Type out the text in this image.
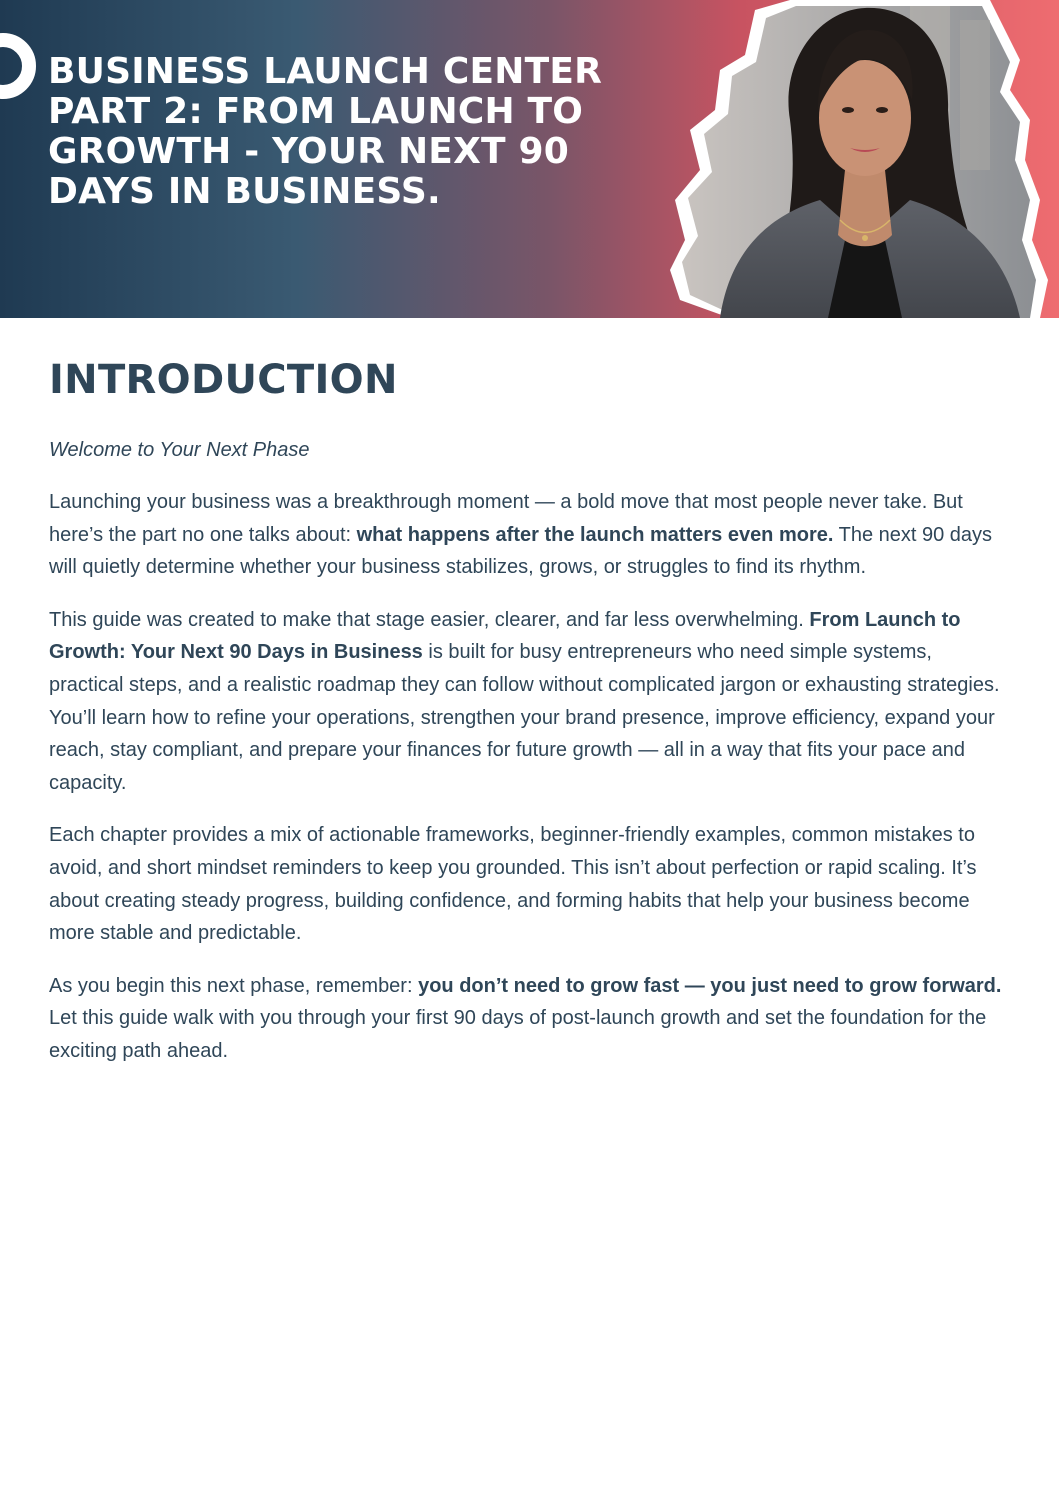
BUSINESS LAUNCH CENTER PART 2: FROM LAUNCH TO GROWTH - YOUR NEXT 90 DAYS IN BUSINESS.
INTRODUCTION
Welcome to Your Next Phase

Launching your business was a breakthrough moment — a bold move that most people never take. But here’s the part no one talks about: what happens after the launch matters even more. The next 90 days will quietly determine whether your business stabilizes, grows, or struggles to find its rhythm.

This guide was created to make that stage easier, clearer, and far less overwhelming. From Launch to Growth: Your Next 90 Days in Business is built for busy entrepreneurs who need simple systems, practical steps, and a realistic roadmap they can follow without complicated jargon or exhausting strategies. You’ll learn how to refine your operations, strengthen your brand presence, improve efficiency, expand your reach, stay compliant, and prepare your finances for future growth — all in a way that fits your pace and capacity.

Each chapter provides a mix of actionable frameworks, beginner-friendly examples, common mistakes to avoid, and short mindset reminders to keep you grounded. This isn’t about perfection or rapid scaling. It’s about creating steady progress, building confidence, and forming habits that help your business become more stable and predictable.

As you begin this next phase, remember: you don’t need to grow fast — you just need to grow forward. Let this guide walk with you through your first 90 days of post-launch growth and set the foundation for the exciting path ahead.
